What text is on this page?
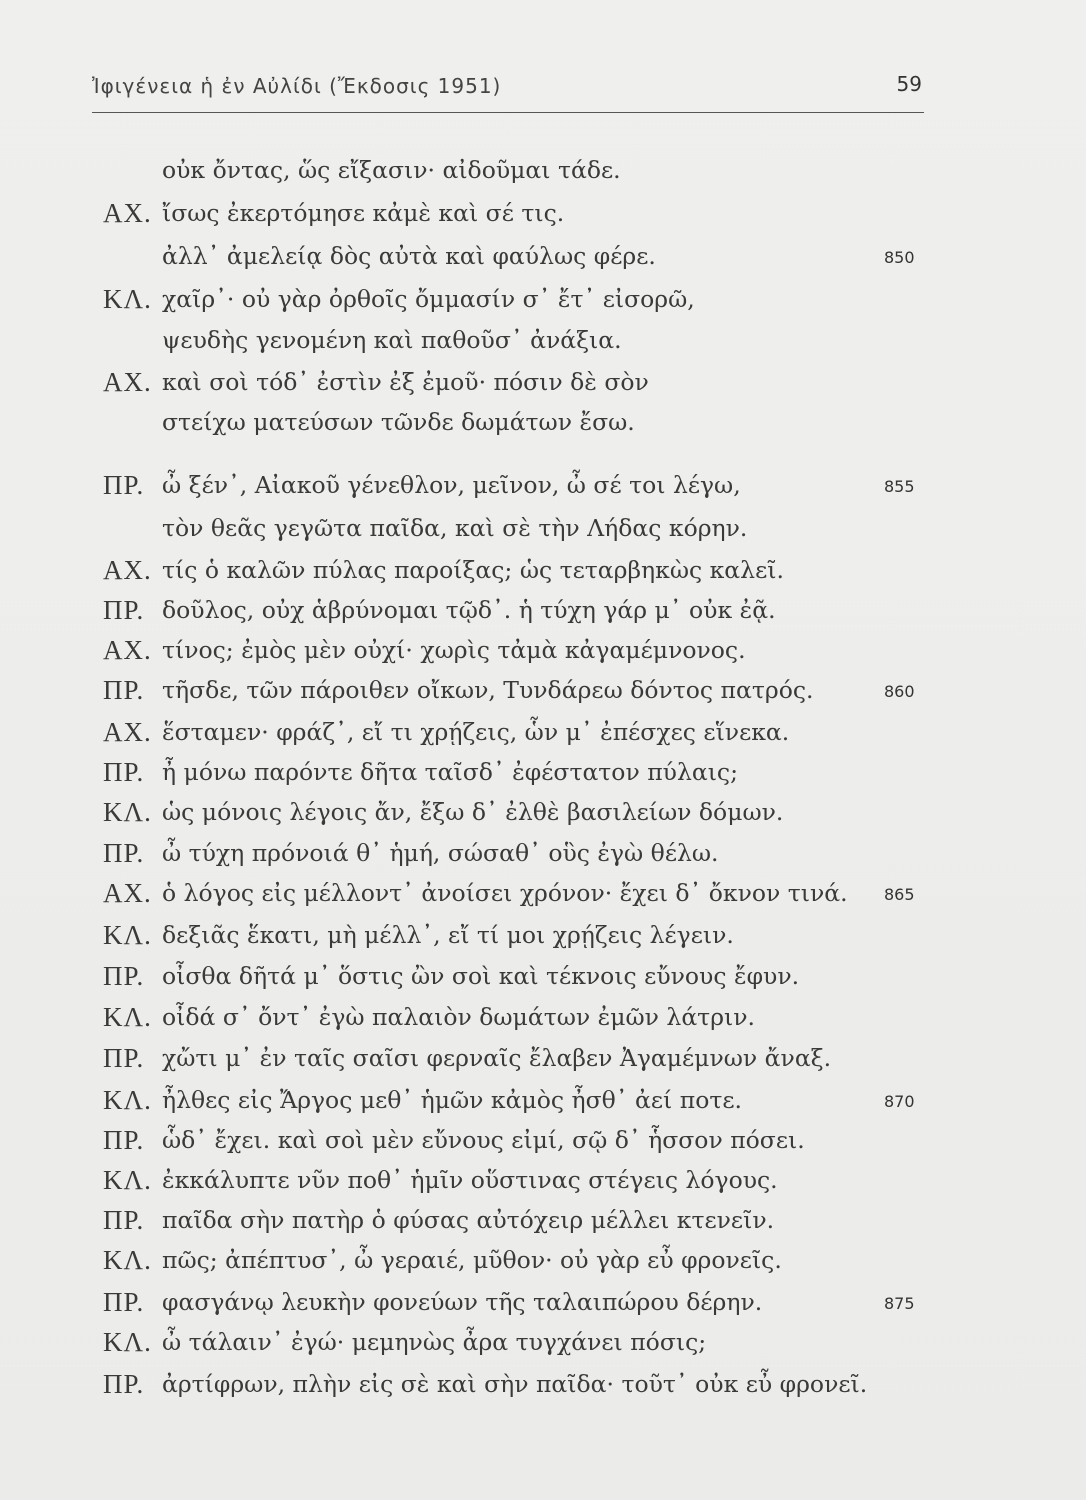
Ἰφιγένεια ἡ ἐν Αὐλίδι (Ἔκδοσις 1951)	59
οὐκ ὄντας, ὥς εἴξασιν· αἰδοῦμαι τάδε.
ΑΧ. ἴσως ἐκερτόμησε κἀμὲ καὶ σέ τις.
ἀλλ᾿ ἀμελείᾳ δὸς αὐτὰ καὶ φαύλως φέρε.	850
ΚΛ. χαῖρ᾿· οὐ γὰρ ὀρθοῖς ὄμμασίν σ᾿ ἔτ᾿ εἰσορῶ,
ψευδὴς γενομένη καὶ παθοῦσ᾿ ἀνάξια.
ΑΧ. καὶ σοὶ τόδ᾿ ἐστὶν ἐξ ἐμοῦ· πόσιν δὲ σὸν
στείχω ματεύσων τῶνδε δωμάτων ἔσω.
ΠΡ. ὦ ξέν᾿, Αἰακοῦ γένεθλον, μεῖνον, ὦ σέ τοι λέγω,	855
τὸν θεᾶς γεγῶτα παῖδα, καὶ σὲ τὴν Λήδας κόρην.
ΑΧ. τίς ὁ καλῶν πύλας παροίξας; ὡς τεταρβηκὼς καλεῖ.
ΠΡ. δοῦλος, οὐχ ἁβρύνομαι τῷδ᾿. ἡ τύχη γάρ μ᾿ οὐκ ἐᾷ.
ΑΧ. τίνος; ἐμὸς μὲν οὐχί· χωρὶς τἀμὰ κἀγαμέμνονος.
ΠΡ. τῆσδε, τῶν πάροιθεν οἴκων, Τυνδάρεω δόντος πατρός.	860
ΑΧ. ἕσταμεν· φράζ᾿, εἴ τι χρῄζεις, ὧν μ᾿ ἐπέσχες εἵνεκα.
ΠΡ. ἦ μόνω παρόντε δῆτα ταῖσδ᾿ ἐφέστατον πύλαις;
ΚΛ. ὡς μόνοις λέγοις ἄν, ἔξω δ᾿ ἐλθὲ βασιλείων δόμων.
ΠΡ. ὦ τύχη πρόνοιά θ᾿ ἡμή, σώσαθ᾿ οὓς ἐγὼ θέλω.
ΑΧ. ὁ λόγος εἰς μέλλοντ᾿ ἀνοίσει χρόνον· ἔχει δ᾿ ὄκνον τινά. 865
ΚΛ. δεξιᾶς ἕκατι, μὴ μέλλ᾿, εἴ τί μοι χρῄζεις λέγειν.
ΠΡ. οἶσθα δῆτά μ᾿ ὅστις ὢν σοὶ καὶ τέκνοις εὔνους ἔφυν.
ΚΛ. οἶδά σ᾿ ὄντ᾿ ἐγὼ παλαιὸν δωμάτων ἐμῶν λάτριν.
ΠΡ. χὤτι μ᾿ ἐν ταῖς σαῖσι φερναῖς ἔλαβεν Ἀγαμέμνων ἄναξ.
ΚΛ. ἦλθες εἰς Ἄργος μεθ᾿ ἡμῶν κἀμὸς ἦσθ᾿ ἀεί ποτε.	870
ΠΡ. ὧδ᾿ ἔχει. καὶ σοὶ μὲν εὔνους εἰμί, σῷ δ᾿ ἧσσον πόσει.
ΚΛ. ἐκκάλυπτε νῦν ποθ᾿ ἡμῖν οὕστινας στέγεις λόγους.
ΠΡ. παῖδα σὴν πατὴρ ὁ φύσας αὐτόχειρ μέλλει κτενεῖν.
ΚΛ. πῶς; ἀπέπτυσ᾿, ὦ γεραιέ, μῦθον· οὐ γὰρ εὖ φρονεῖς.
ΠΡ. φασγάνῳ λευκὴν φονεύων τῆς ταλαιπώρου δέρην.	875
ΚΛ. ὦ τάλαιν᾿ ἐγώ· μεμηνὼς ἆρα τυγχάνει πόσις;
ΠΡ. ἀρτίφρων, πλὴν εἰς σὲ καὶ σὴν παῖδα· τοῦτ᾿ οὐκ εὖ φρονεῖ.
